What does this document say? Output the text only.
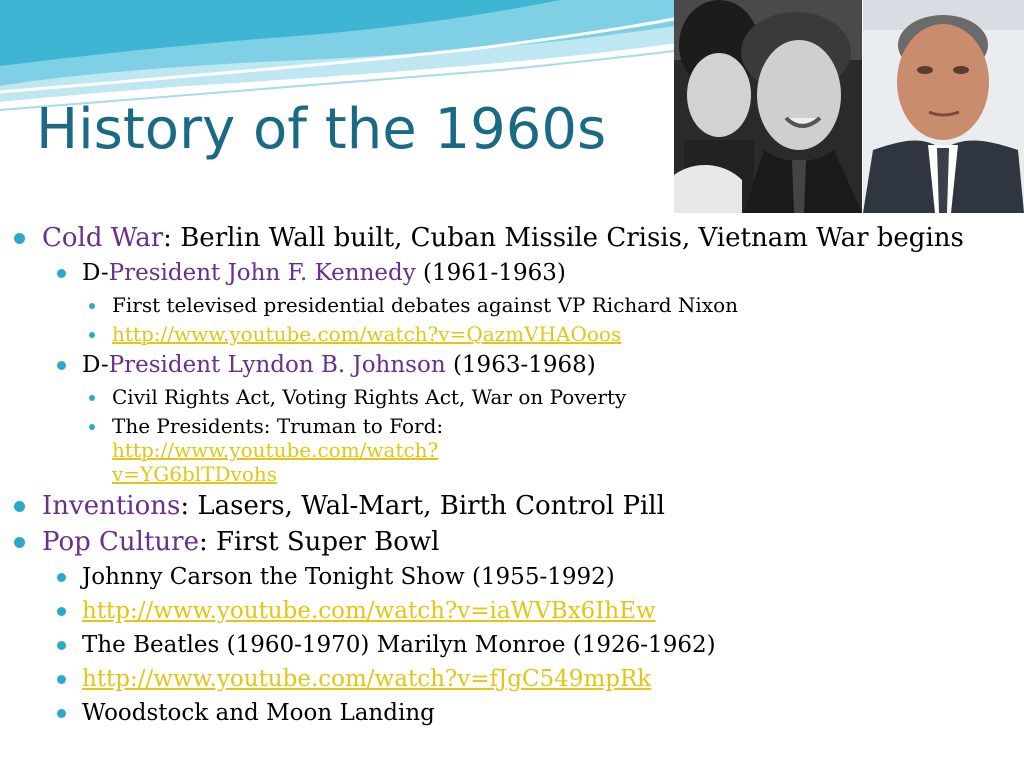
History of the 1960s
Cold War: Berlin Wall built, Cuban Missile Crisis, Vietnam War begins
D-President John F. Kennedy (1961-1963)
First televised presidential debates against VP Richard Nixon
http://www.youtube.com/watch?v=QazmVHAOoos
D-President Lyndon B. Johnson (1963-1968)
Civil Rights Act, Voting Rights Act, War on Poverty
The Presidents: Truman to Ford: http://www.youtube.com/watch?v=YG6blTDvohs
Inventions: Lasers, Wal-Mart, Birth Control Pill
Pop Culture: First Super Bowl
Johnny Carson the Tonight Show (1955-1992)
http://www.youtube.com/watch?v=iaWVBx6IhEw
The Beatles (1960-1970) Marilyn Monroe (1926-1962)
http://www.youtube.com/watch?v=fJgC549mpRk
Woodstock and Moon Landing
